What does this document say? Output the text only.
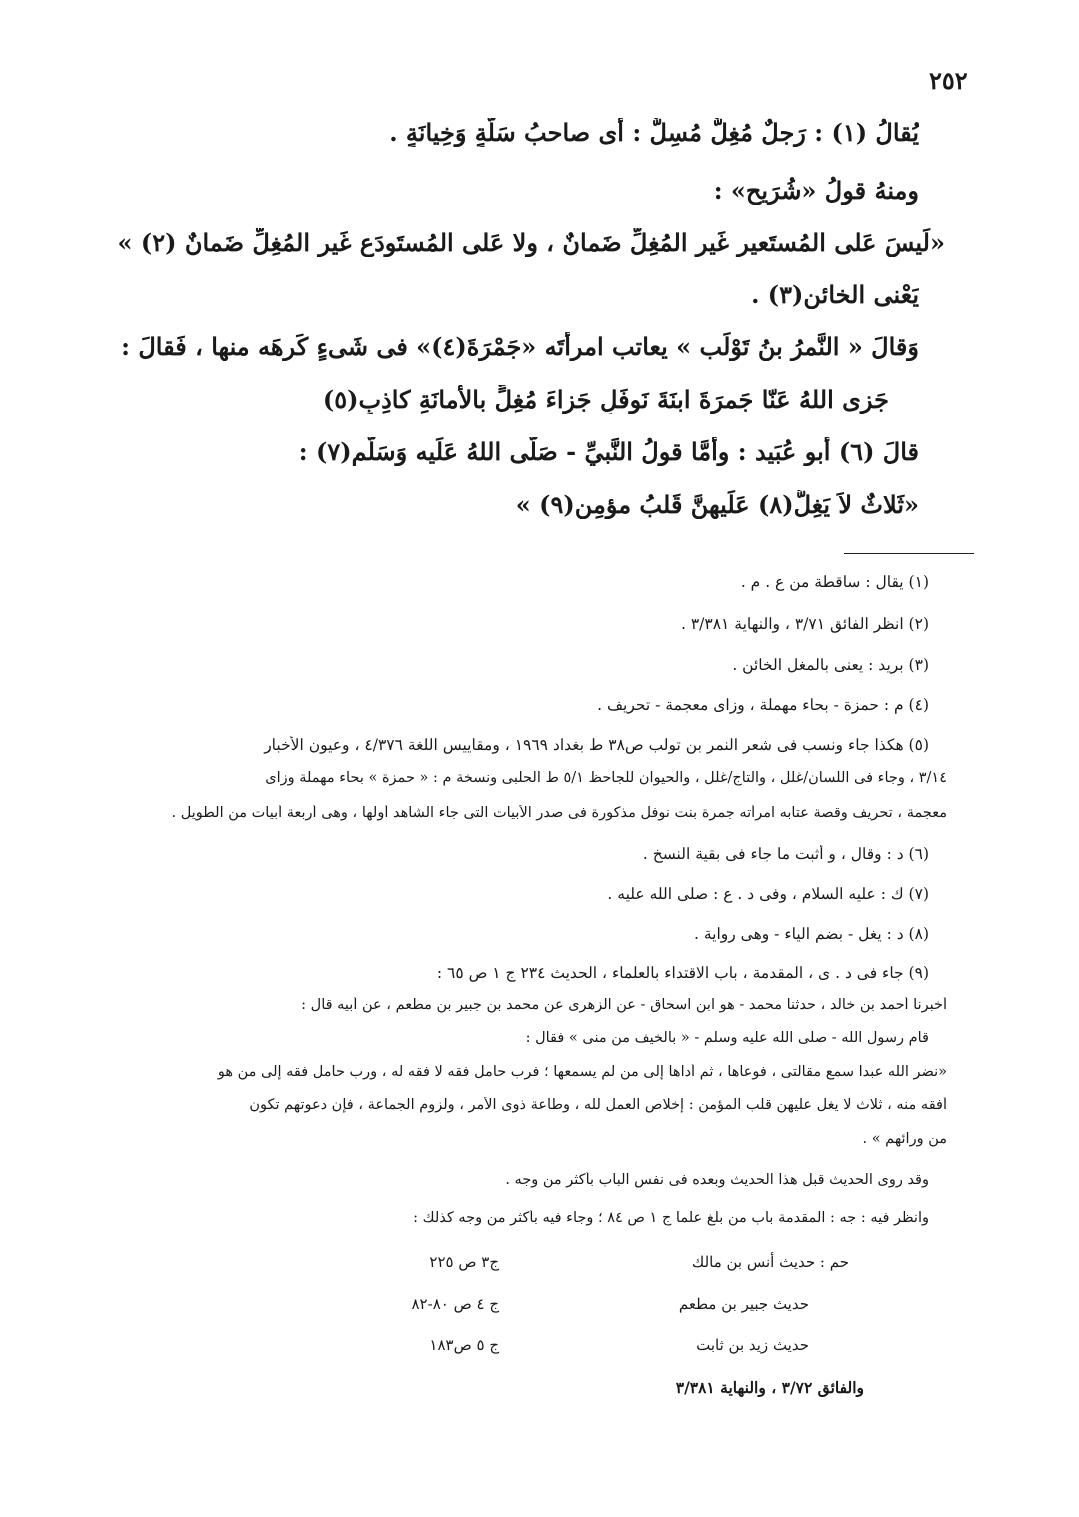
٢٥٢
يُقالُ (١) : رَجلٌ مُغِلٌّ مُسِلٌّ : أى صاحبُ سَلَّةٍ وَخِيانَةٍ .
ومنهُ قولُ «شُرَيح» :
«لَيسَ عَلى المُستَعيرِ غَيرِ المُغِلِّ ضَمانٌ ، ولا عَلى المُستَودَعِ غَيرِ المُغِلِّ ضَمانٌ (٢) »
يَعْنى الخائن(٣) .
وَقالَ « النَّمرُ بنُ تَوْلَب » يعاتب امرأتَه «جَمْرَةَ(٤)» فى شَىءٍ كَرِهَه منها ، فَقالَ :
جَزى اللهُ عَنّا جَمرَةَ ابنَةَ نَوفَلٍ جَزاءَ مُغِلٍّ بالأَمانَةِ كاذِبِ(٥)
قالَ (٦) أَبو عُبَيد : وأمَّا قولُ النَّبيِّ - صَلَّى اللهُ عَلَيه وَسَلَّم(٧) :
«ثَلاثٌ لاَ يَغِلُّ(٨) عَلَيهنَّ قَلبُ مؤمِنٍ(٩) »
(١) يقال : ساقطة من ع . م .
(٢) انظر الفائق ٣/٧١ ، والنهاية ٣/٣٨١ .
(٣) بريد : يعنى بالمغل الخائن .
(٤) م : حمزة - بحاء مهملة ، وزاى معجمة - تحريف .
(٥) هكذا جاء ونسب فى شعر النمر بن تولب ص٣٨ ط بغداد ١٩٦٩ ، ومقاييس اللغة ٤/٣٧٦ ، وعيون الأخبار
٣/١٤ ، وجاء فى اللسان/غلل ، والتاج/غلل ، والحيوان للجاحظ ٥/١ ط الحلبى ونسخة م : « حمزة » بحاء مهملة وزاى
معجمة ، تحريف وقصة عتابه امرأته جمرة بنت نوفل مذكورة فى صدر الأبيات التى جاء الشاهد أولها ، وهى أربعة أبيات من الطويل .
(٦) د : وقال ، و أثبت ما جاء فى بقية النسخ .
(٧) ك : عليه السلام ، وفى د . ع : صلى الله عليه .
(٨) د : يغل - بضم الياء - وهى رواية .
(٩) جاء فى د . ى ، المقدمة ، باب الاقتداء بالعلماء ، الحديث ٢٣٤ ج ١ ص ٦٥ :
أخبرنا أحمد بن خالد ، حدثنا محمد - هو ابن اسحاق - عن الزهرى عن محمد بن جبير بن مطعم ، عن أبيه قال :
قام رسول الله - صلى الله عليه وسلم - « بالخيف من منى » فقال :
«نضر الله عبدا سمع مقالتى ، فوعاها ، ثم أداها إلى من لم يسمعها ؛ فرب حامل فقه لا فقه له ، ورب حامل فقه إلى من هو
أفقه منه ، ثلاث لا يغل عليهن قلب المؤمن : إخلاص العمل لله ، وطاعة ذوى الأمر ، ولزوم الجماعة ، فإن دعوتهم تكون
من ورائهم » .
وقد روى الحديث قبل هذا الحديث وبعده فى نفس الباب بأكثر من وجه .
وانظر فيه : جه : المقدمة باب من بلغ علما ج ١ ص ٨٤ ؛ وجاء فيه بأكثر من وجه كذلك :
حم : حديث أنس بن مالك
ج٣ ص ٢٢٥
حديث جبير بن مطعم
ج ٤ ص ٨٠-٨٢
حديث زيد بن ثابت
ج ٥ ص١٨٣
والفائق ٣/٧٢ ، والنهاية ٣/٣٨١
